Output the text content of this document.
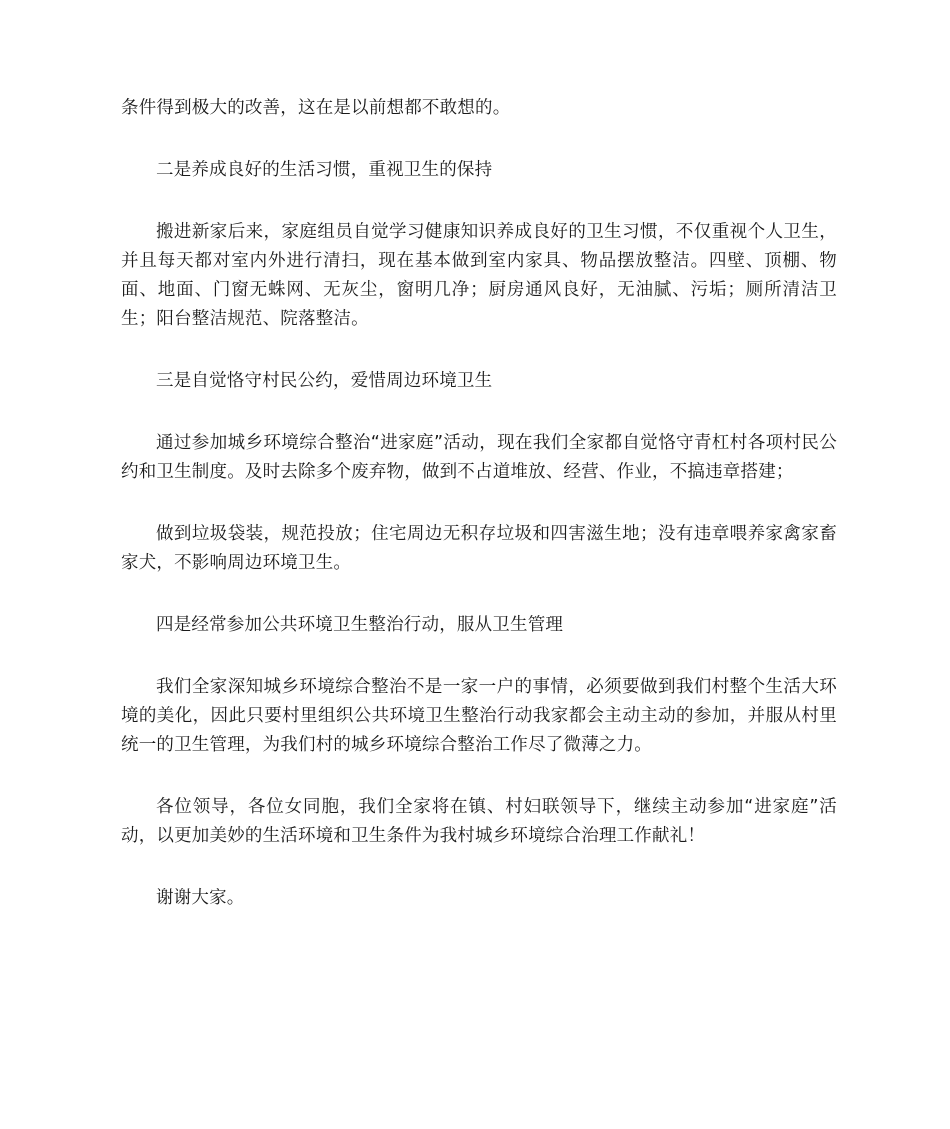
条件得到极大的改善，这在是以前想都不敢想的。

二是养成良好的生活习惯，重视卫生的保持

搬进新家后来，家庭组员自觉学习健康知识养成良好的卫生习惯，不仅重视个人卫生，并且每天都对室内外进行清扫，现在基本做到室内家具、物品摆放整洁。四壁、顶棚、物面、地面、门窗无蛛网、无灰尘，窗明几净；厨房通风良好，无油腻、污垢；厕所清洁卫生；阳台整洁规范、院落整洁。

三是自觉恪守村民公约，爱惜周边环境卫生

通过参加城乡环境综合整治“进家庭”活动，现在我们全家都自觉恪守青杠村各项村民公约和卫生制度。及时去除多个废弃物，做到不占道堆放、经营、作业，不搞违章搭建；

做到垃圾袋装，规范投放；住宅周边无积存垃圾和四害滋生地；没有违章喂养家禽家畜家犬，不影响周边环境卫生。

四是经常参加公共环境卫生整治行动，服从卫生管理

我们全家深知城乡环境综合整治不是一家一户的事情，必须要做到我们村整个生活大环境的美化，因此只要村里组织公共环境卫生整治行动我家都会主动主动的参加，并服从村里统一的卫生管理，为我们村的城乡环境综合整治工作尽了微薄之力。

各位领导，各位女同胞，我们全家将在镇、村妇联领导下，继续主动参加“进家庭”活动，以更加美妙的生活环境和卫生条件为我村城乡环境综合治理工作献礼！

谢谢大家。
